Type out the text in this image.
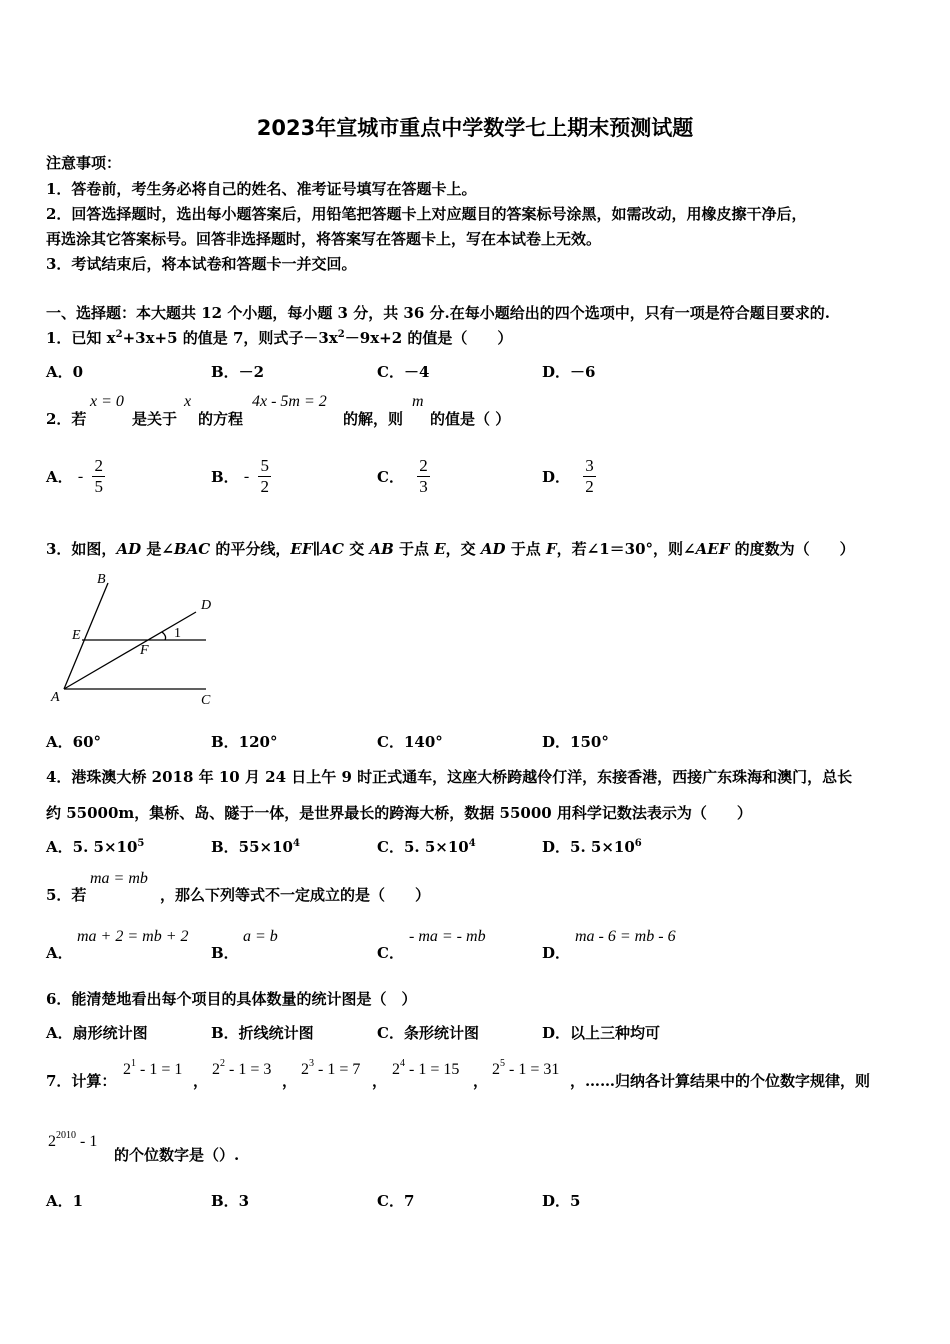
2023年宣城市重点中学数学七上期末预测试题
注意事项：
1．答卷前，考生务必将自己的姓名、准考证号填写在答题卡上。
2．回答选择题时，选出每小题答案后，用铅笔把答题卡上对应题目的答案标号涂黑，如需改动，用橡皮擦干净后，
再选涂其它答案标号。回答非选择题时，将答案写在答题卡上，写在本试卷上无效。
3．考试结束后，将本试卷和答题卡一并交回。
一、选择题：本大题共 12 个小题，每小题 3 分，共 36 分.在每小题给出的四个选项中，只有一项是符合题目要求的.
1．已知 $x^2+3x+5$ 的值是 7，则式子$-3x^2-9x+2$ 的值是（　　）
A．0	B．－2	C．－4	D．－6
2．若
x = 0
是关于
x
的方程
4x - 5m = 2
的解，则
m
的值是（ ）
A． - $\frac{2}{5}$	B． - $\frac{5}{2}$	C． $\frac{2}{3}$	D． $\frac{3}{2}$
3．如图，AD 是∠BAC 的平分线，EF∥AC 交 AB 于点 E，交 AD 于点 F，若∠1＝30°，则∠AEF 的度数为（　　）
B
D
E
F
A	C
1
A．60°	B．120°	C．140°	D．150°
4．港珠澳大桥 2018 年 10 月 24 日上午 9 时正式通车，这座大桥跨越伶仃洋，东接香港，西接广东珠海和澳门，总长
约 55000m，集桥、岛、隧于一体，是世界最长的跨海大桥，数据 55000 用科学记数法表示为（　　）
A．5. $5\times 10^5$	B．$55\times 10^4$	C．5. $5\times 10^4$	D．5. $5\times 10^6$
5．若
ma = mb
，那么下列等式不一定成立的是（　　）
A．
ma + 2 = mb + 2
B．
a = b
C．
- ma = - mb
D．
ma - 6 = mb - 6
6．能清楚地看出每个项目的具体数量的统计图是（　）
A．扇形统计图	B．折线统计图	C．条形统计图	D．以上三种均可
7．计算：
$2^1 - 1 = 1$
，
$2^2 - 1 = 3$
，
$2^3 - 1 = 7$
，
$2^4 - 1 = 15$
，
$2^5 - 1 = 31$
，……归纳各计算结果中的个位数字规律，则
$2^{2010} - 1$
的个位数字是（）.
A．1	B．3	C．7	D．5
